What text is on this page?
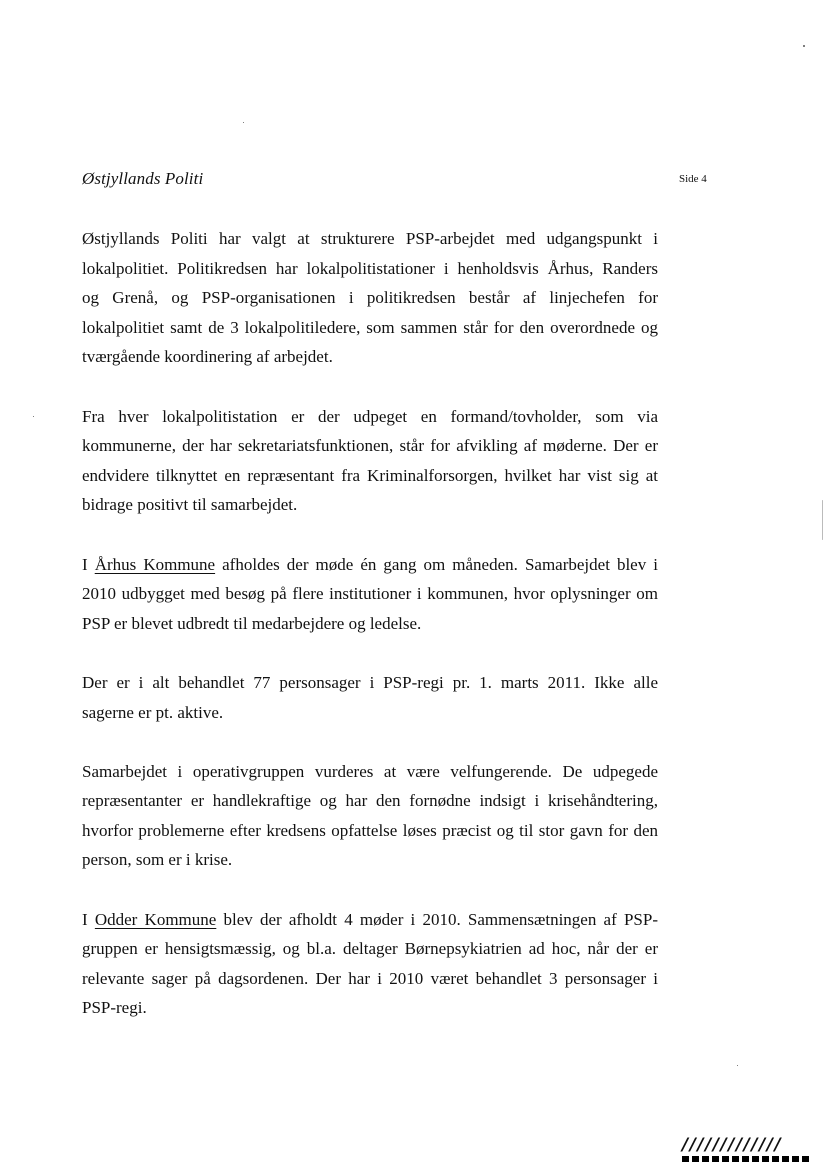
Østjyllands Politi	Side 4

Østjyllands Politi har valgt at strukturere PSP-arbejdet med udgangspunkt i
lokalpolitiet. Politikredsen har lokalpolitistationer i henholdsvis Århus, Randers
og Grenå, og PSP-organisationen i politikredsen består af linjechefen for
lokalpolitiet samt de 3 lokalpolitiledere, som sammen står for den overordnede og
tværgående koordinering af arbejdet.

Fra hver lokalpolitistation er der udpeget en formand/tovholder, som via
kommunerne, der har sekretariatsfunktionen, står for afvikling af møderne. Der er
endvidere tilknyttet en repræsentant fra Kriminalforsorgen, hvilket har vist sig at
bidrage positivt til samarbejdet.

I Århus Kommune afholdes der møde én gang om måneden. Samarbejdet blev i
2010 udbygget med besøg på flere institutioner i kommunen, hvor oplysninger om
PSP er blevet udbredt til medarbejdere og ledelse.

Der er i alt behandlet 77 personsager i PSP-regi pr. 1. marts 2011. Ikke alle
sagerne er pt. aktive.

Samarbejdet i operativgruppen vurderes at være velfungerende. De udpegede
repræsentanter er handlekraftige og har den fornødne indsigt i krisehåndtering,
hvorfor problemerne efter kredsens opfattelse løses præcist og til stor gavn for den
person, som er i krise.

I Odder Kommune blev der afholdt 4 møder i 2010. Sammensætningen af PSP-
gruppen er hensigtsmæssig, og bl.a. deltager Børnepsykiatrien ad hoc, når der er
relevante sager på dagsordenen. Der har i 2010 været behandlet 3 personsager i
PSP-regi.

/////////////
